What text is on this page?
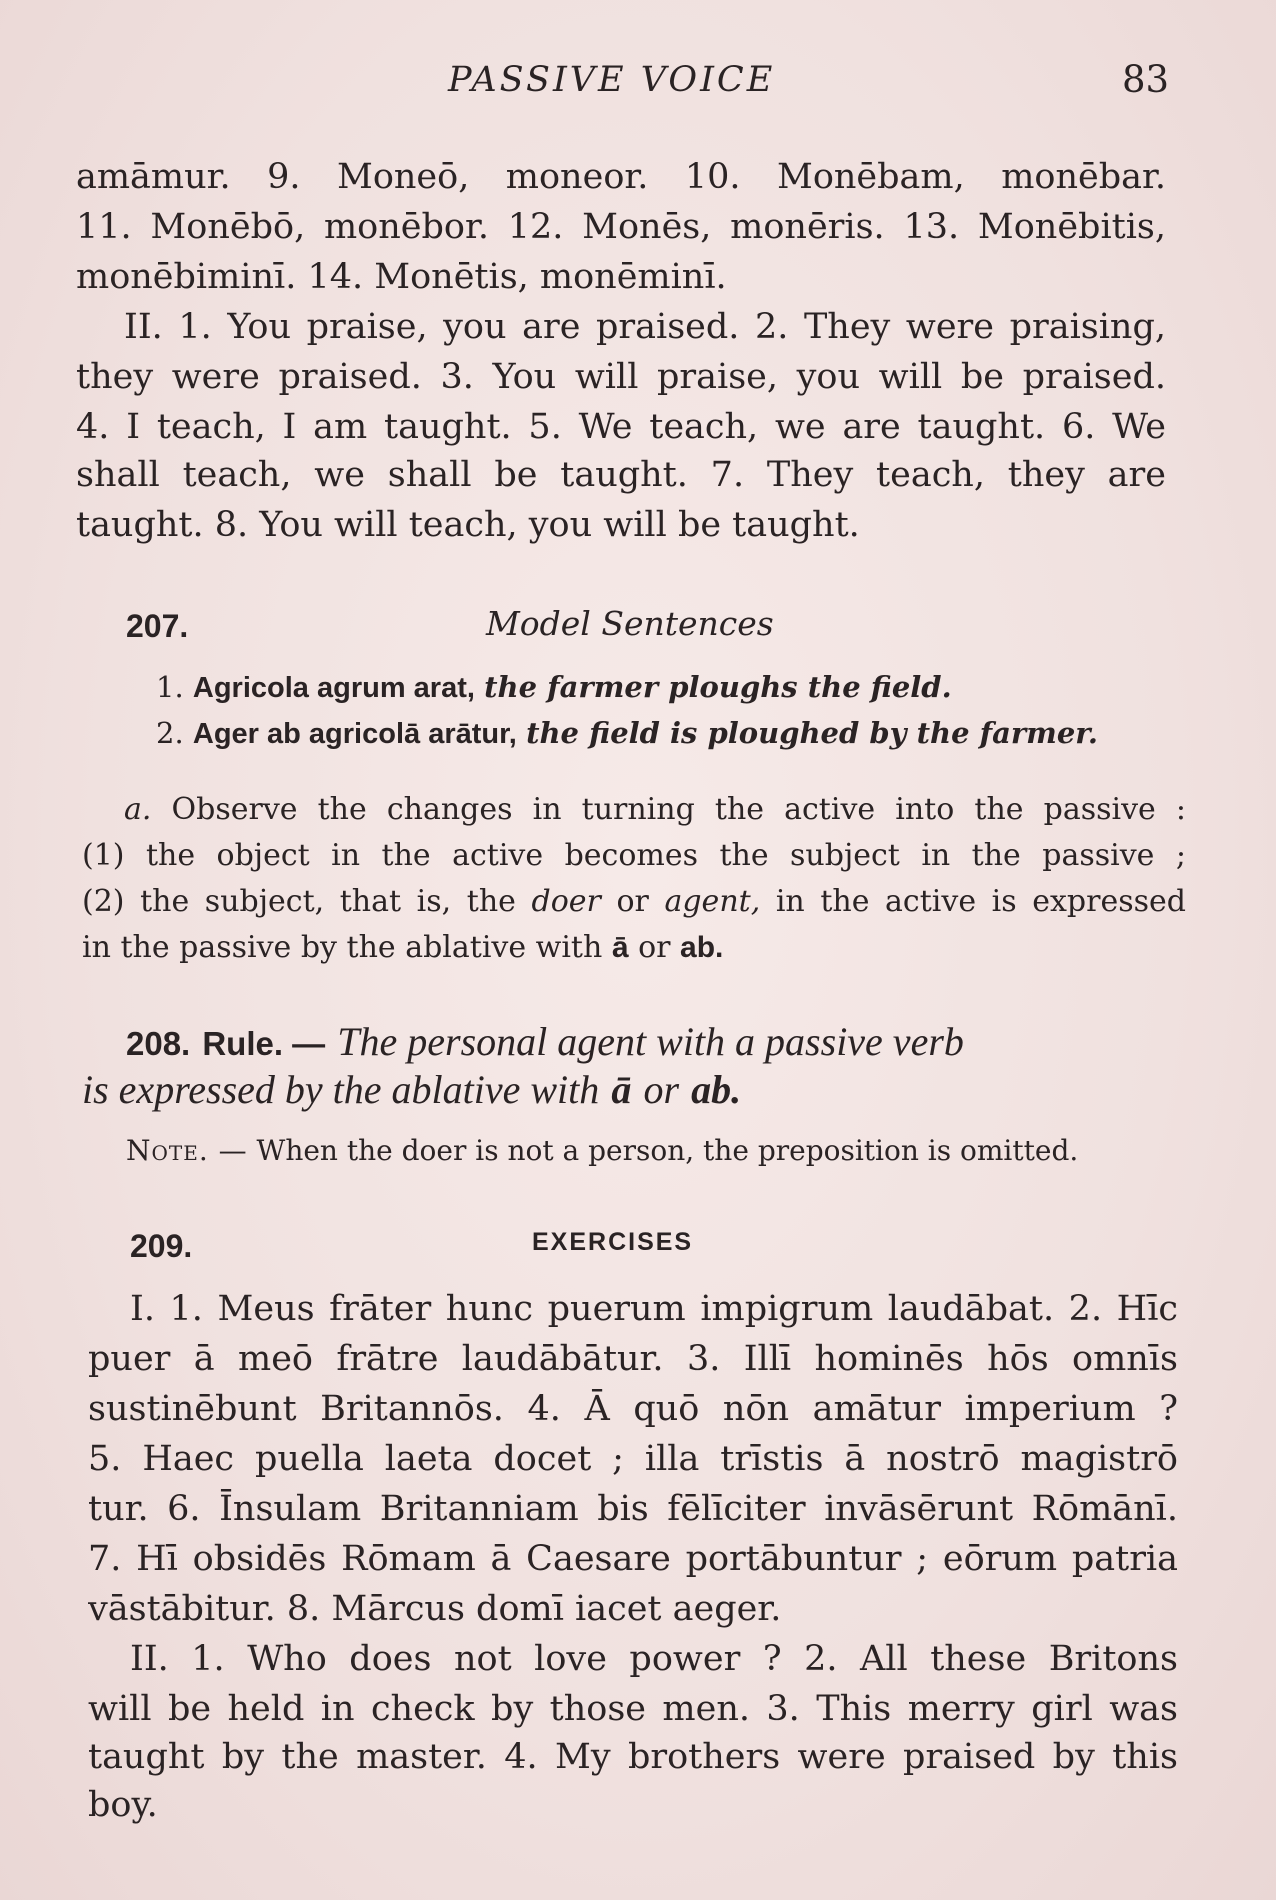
PASSIVE VOICE	83
amāmur. 9. Moneō, moneor. 10. Monēbam, monēbar.
11. Monēbō, monēbor. 12. Monēs, monēris. 13. Monēbitis,
monēbiminī. 14. Monētis, monēminī.
II. 1. You praise, you are praised. 2. They were praising,
they were praised. 3. You will praise, you will be praised.
4. I teach, I am taught. 5. We teach, we are taught. 6. We
shall teach, we shall be taught. 7. They teach, they are
taught. 8. You will teach, you will be taught.
207.	Model Sentences
1. Agricola agrum arat, the farmer ploughs the field.
2. Ager ab agricolā arātur, the field is ploughed by the farmer.
a. Observe the changes in turning the active into the passive :
(1) the object in the active becomes the subject in the passive ;
(2) the subject, that is, the doer or agent, in the active is expressed
in the passive by the ablative with ā or ab.
208. Rule. — The personal agent with a passive verb
is expressed by the ablative with ā or ab.
Note. — When the doer is not a person, the preposition is omitted.
209.	EXERCISES
I. 1. Meus frāter hunc puerum impigrum laudābat. 2. Hīc
puer ā meō frātre laudābātur. 3. Illī hominēs hōs omnīs
sustinēbunt Britannōs. 4. Ā quō nōn amātur imperium ?
5. Haec puella laeta docet ; illa trīstis ā nostrō magistrō
tur. 6. Īnsulam Britanniam bis fēlīciter invāsērunt Rōmānī.
7. Hī obsidēs Rōmam ā Caesare portābuntur ; eōrum patria
vāstābitur. 8. Mārcus domī iacet aeger.
II. 1. Who does not love power ? 2. All these Britons
will be held in check by those men. 3. This merry girl was
taught by the master. 4. My brothers were praised by this
boy.
